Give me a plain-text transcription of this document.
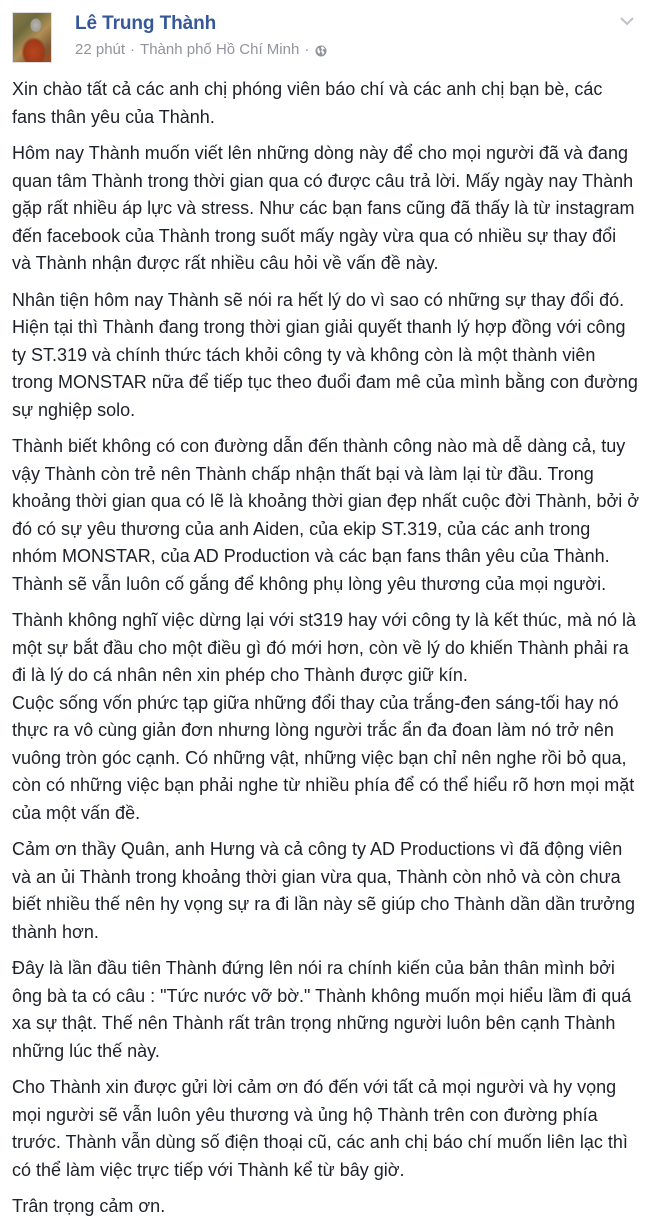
Lê Trung Thành
22 phút · Thành phố Hồ Chí Minh ·

Xin chào tất cả các anh chị phóng viên báo chí và các anh chị bạn bè, các fans thân yêu của Thành.

Hôm nay Thành muốn viết lên những dòng này để cho mọi người đã và đang quan tâm Thành trong thời gian qua có được câu trả lời. Mấy ngày nay Thành gặp rất nhiều áp lực và stress. Như các bạn fans cũng đã thấy là từ instagram đến facebook của Thành trong suốt mấy ngày vừa qua có nhiều sự thay đổi và Thành nhận được rất nhiều câu hỏi về vấn đề này.

Nhân tiện hôm nay Thành sẽ nói ra hết lý do vì sao có những sự thay đổi đó. Hiện tại thì Thành đang trong thời gian giải quyết thanh lý hợp đồng với công ty ST.319 và chính thức tách khỏi công ty và không còn là một thành viên trong MONSTAR nữa để tiếp tục theo đuổi đam mê của mình bằng con đường sự nghiệp solo.

Thành biết không có con đường dẫn đến thành công nào mà dễ dàng cả, tuy vậy Thành còn trẻ nên Thành chấp nhận thất bại và làm lại từ đầu. Trong khoảng thời gian qua có lẽ là khoảng thời gian đẹp nhất cuộc đời Thành, bởi ở đó có sự yêu thương của anh Aiden, của ekip ST.319, của các anh trong nhóm MONSTAR, của AD Production và các bạn fans thân yêu của Thành. Thành sẽ vẫn luôn cố gắng để không phụ lòng yêu thương của mọi người.

Thành không nghĩ việc dừng lại với st319 hay với công ty là kết thúc, mà nó là một sự bắt đầu cho một điều gì đó mới hơn, còn về lý do khiến Thành phải ra đi là lý do cá nhân nên xin phép cho Thành được giữ kín.
Cuộc sống vốn phức tạp giữa những đổi thay của trắng-đen sáng-tối hay nó thực ra vô cùng giản đơn nhưng lòng người trắc ẩn đa đoan làm nó trở nên vuông tròn góc cạnh. Có những vật, những việc bạn chỉ nên nghe rồi bỏ qua, còn có những việc bạn phải nghe từ nhiều phía để có thể hiểu rõ hơn mọi mặt của một vấn đề.

Cảm ơn thầy Quân, anh Hưng và cả công ty AD Productions vì đã động viên và an ủi Thành trong khoảng thời gian vừa qua, Thành còn nhỏ và còn chưa biết nhiều thế nên hy vọng sự ra đi lần này sẽ giúp cho Thành dần dần trưởng thành hơn.

Đây là lần đầu tiên Thành đứng lên nói ra chính kiến của bản thân mình bởi ông bà ta có câu : "Tức nước vỡ bờ." Thành không muốn mọi hiểu lầm đi quá xa sự thật. Thế nên Thành rất trân trọng những người luôn bên cạnh Thành những lúc thế này.

Cho Thành xin được gửi lời cảm ơn đó đến với tất cả mọi người và hy vọng mọi người sẽ vẫn luôn yêu thương và ủng hộ Thành trên con đường phía trước. Thành vẫn dùng số điện thoại cũ, các anh chị báo chí muốn liên lạc thì có thể làm việc trực tiếp với Thành kể từ bây giờ.

Trân trọng cảm ơn.
